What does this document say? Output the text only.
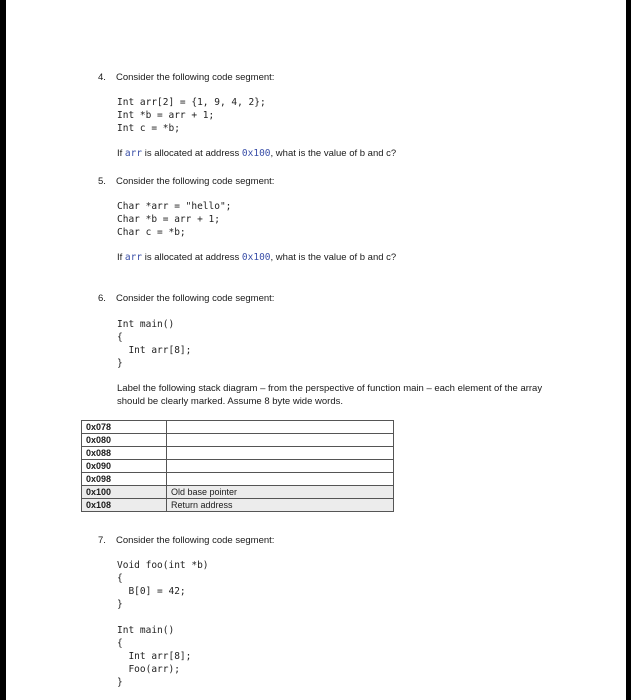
4. Consider the following code segment:
Int arr[2] = {1, 9, 4, 2};
Int *b = arr + 1;
Int c = *b;
If arr is allocated at address 0x100, what is the value of b and c?
5. Consider the following code segment:
Char *arr = "hello";
Char *b = arr + 1;
Char c = *b;
If arr is allocated at address 0x100, what is the value of b and c?
6. Consider the following code segment:
Int main()
{
Int arr[8];
}
Label the following stack diagram – from the perspective of function main – each element of the array should be clearly marked. Assume 8 byte wide words.
0x078	
0x080	
0x088	
0x090	
0x098	
0x100	Old base pointer
0x108	Return address
7. Consider the following code segment:
Void foo(int *b)
{
B[0] = 42;
}

Int main()
{
Int arr[8];
Foo(arr);
}
